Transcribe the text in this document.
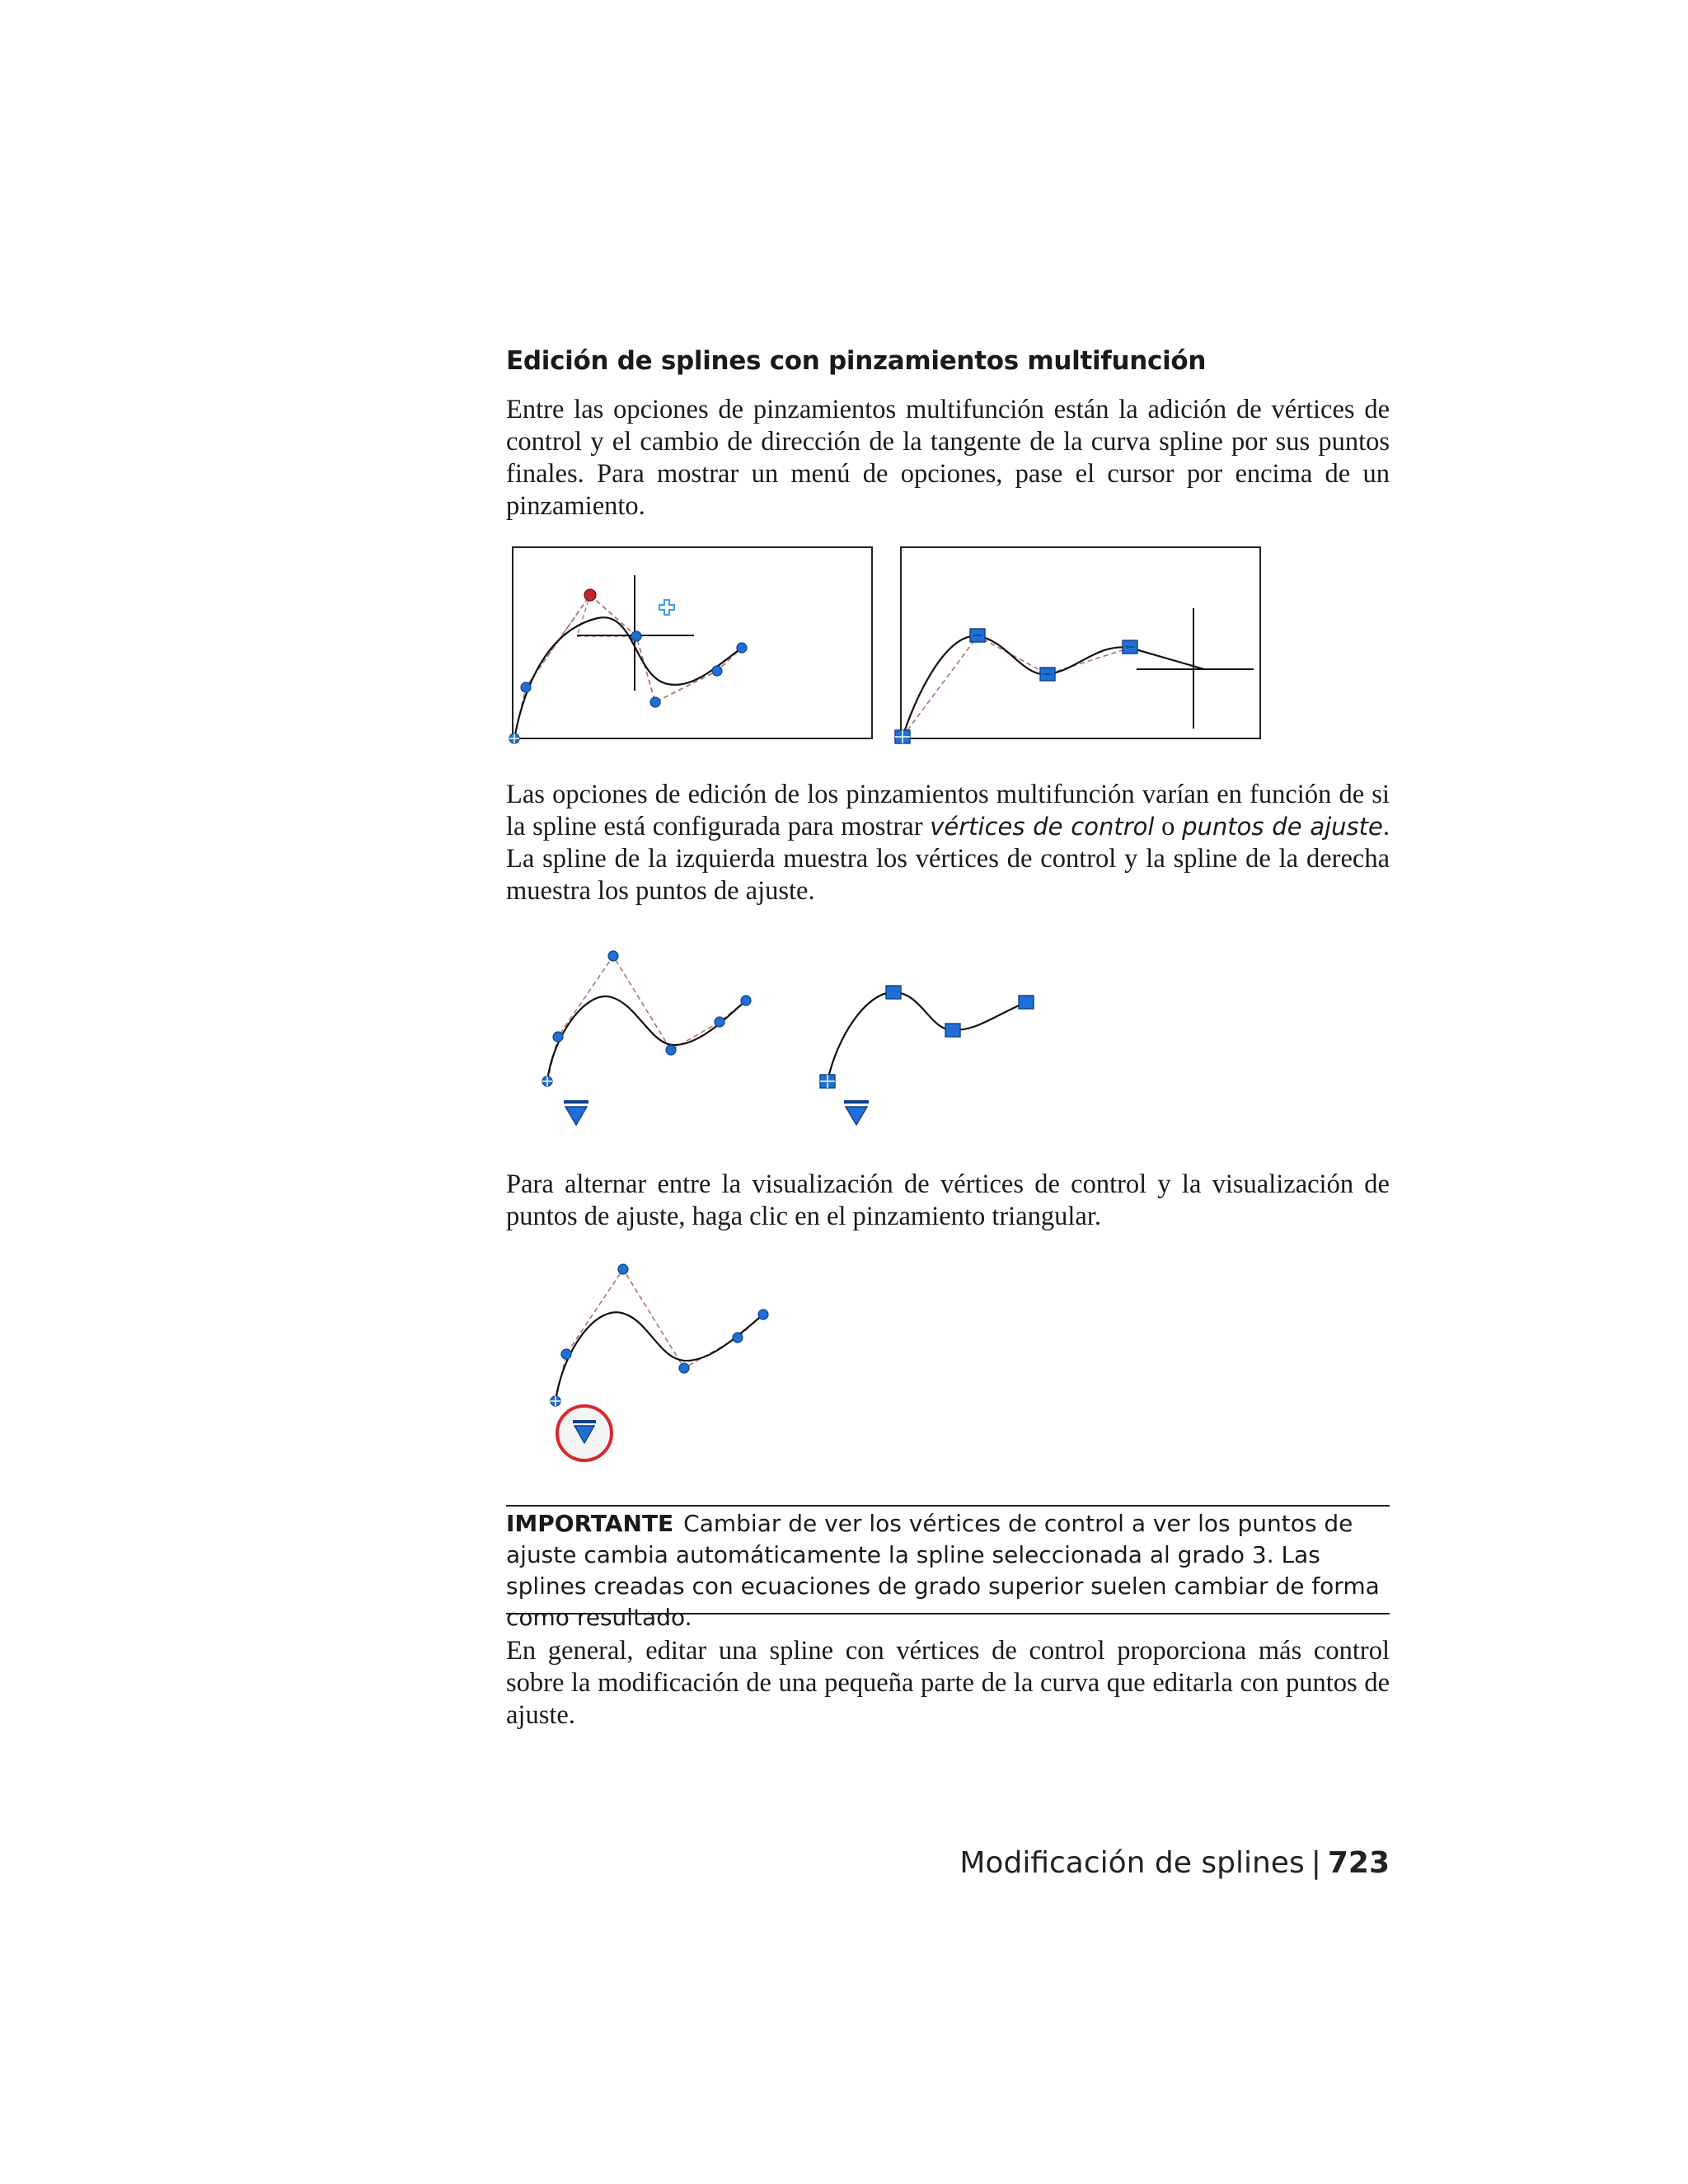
Edición de splines con pinzamientos multifunción

Entre las opciones de pinzamientos multifunción están la adición de vértices de control y el cambio de dirección de la tangente de la curva spline por sus puntos finales. Para mostrar un menú de opciones, pase el cursor por encima de un pinzamiento.

Las opciones de edición de los pinzamientos multifunción varían en función de si la spline está configurada para mostrar vértices de control o puntos de ajuste. La spline de la izquierda muestra los vértices de control y la spline de la derecha muestra los puntos de ajuste.

Para alternar entre la visualización de vértices de control y la visualización de puntos de ajuste, haga clic en el pinzamiento triangular.

IMPORTANTE Cambiar de ver los vértices de control a ver los puntos de ajuste cambia automáticamente la spline seleccionada al grado 3. Las splines creadas con ecuaciones de grado superior suelen cambiar de forma como resultado.

En general, editar una spline con vértices de control proporciona más control sobre la modificación de una pequeña parte de la curva que editarla con puntos de ajuste.

Modificación de splines | 723
